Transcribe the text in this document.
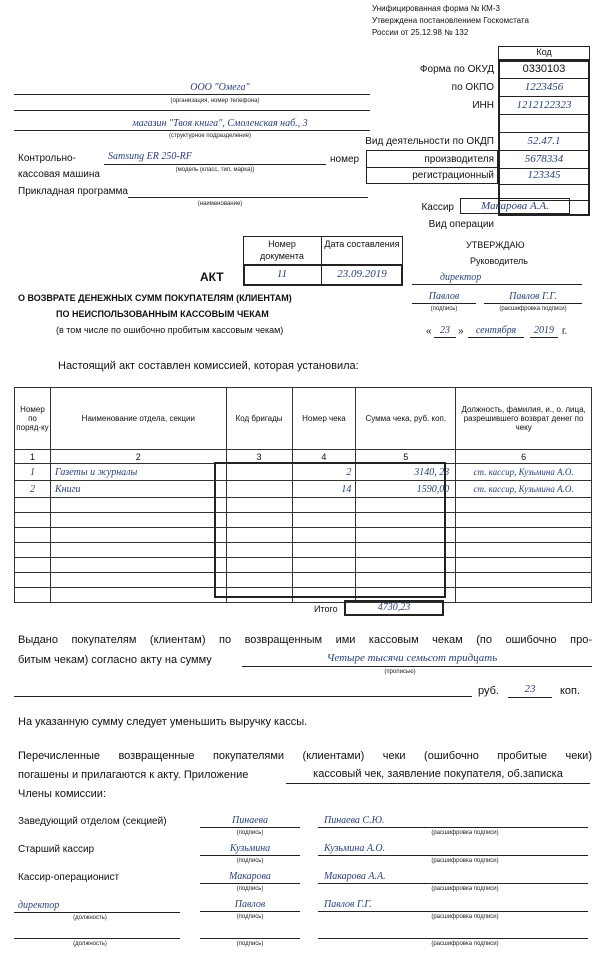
Унифицированная форма № КМ-3
Утверждена постановлением Госкомстата
России от 25.12.98 № 132
Код
Форма по ОКУД	0330103
по ОКПО	1223456
ИНН	1212122323
Вид деятельности по ОКДП	52.47.1
номер	производителя	5678334
регистрационный	123345
Кассир	Макарова А.А.
Вид операции
ООО "Омега"
(организация, номер телефона)
магазин "Твоя книга", Смоленская наб., 3
(структурное подразделение)
Контрольно-
кассовая машина
Samsung ER 250-RF
(модель (класс, тип, марка))
Прикладная программа
(наименование)
Номер документа
Дата составления
АКТ	11	23.09.2019
О ВОЗВРАТЕ ДЕНЕЖНЫХ СУММ ПОКУПАТЕЛЯМ (КЛИЕНТАМ)
ПО НЕИСПОЛЬЗОВАННЫМ КАССОВЫМ ЧЕКАМ
(в том числе по ошибочно пробитым кассовым чекам)
УТВЕРЖДАЮ
Руководитель
директор
Павлов	Павлов Г.Г.
(подпись)	(расшифровка подписи)
« 23 »	сентября	2019 г.
Настоящий акт составлен комиссией, которая установила:
Номер по поряд-ку	Наименование отдела, секции	Код бригады	Номер чека	Сумма чека, руб. коп.	Должность, фамилия, и., о. лица, разрешившего возврат денег по чеку
1	2	3	4	5	6
1	Газеты и журналы		2	3140, 23	ст. кассир, Кузьмина А.О.
2	Книги		14	1590,00	ст. кассир, Кузьмина А.О.

Итого	4730,23
Выдано покупателям (клиентам) по возвращенным ими кассовым чекам (по ошибочно про-
битым чекам) согласно акту на сумму	Четыре тысячи семьсот тридцать
(прописью)
руб.	23	коп.
На указанную сумму следует уменьшить выручку кассы.
Перечисленные возвращенные покупателями (клиентами) чеки (ошибочно пробитые чеки)
погашены и прилагаются к акту. Приложение	кассовый чек, заявление покупателя, об.записка
Члены комиссии:
Заведующий отделом (секцией)	Пинаева
(подпись)
Пинаева С.Ю.
(расшифровка подписи)
Старший кассир	Кузьмина
(подпись)
Кузьмина А.О.
(расшифровка подписи)
Кассир-операционист	Макарова
(подпись)
Макарова А.А.
(расшифровка подписи)
директор
(должность)
Павлов
(подпись)
Павлов Г.Г.
(расшифровка подписи)
(должность)	(подпись)	(расшифровка подписи)
